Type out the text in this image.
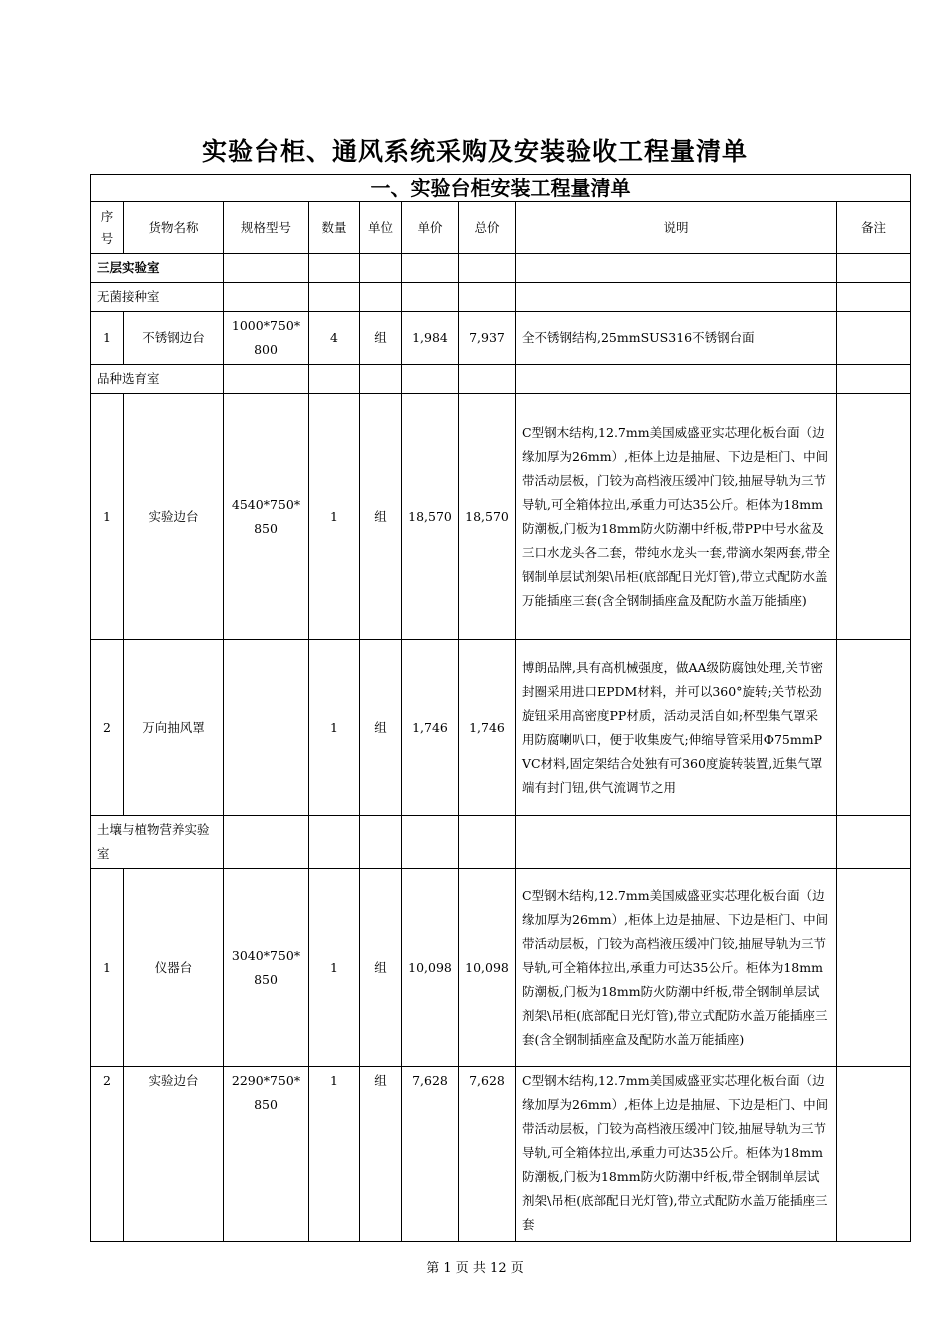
实验台柜、通风系统采购及安装验收工程量清单
一、实验台柜安装工程量清单								
序号	货物名称	规格型号	数量	单位	单价	总价	说明	备注
三层实验室								
无菌接种室								
1	不锈钢边台	1000*750*800	4	组	1,984	7,937	全不锈钢结构,25mmSUS316不锈钢台面	
品种选育室								
1	实验边台	4540*750*850	1	组	18,570	18,570	C型钢木结构,12.7mm美国威盛亚实芯理化板台面（边缘加厚为26mm）,柜体上边是抽屉、下边是柜门、中间带活动层板，门铰为高档液压缓冲门铰,抽屉导轨为三节导轨,可全箱体拉出,承重力可达35公斤。柜体为18mm防潮板,门板为18mm防火防潮中纤板,带PP中号水盆及三口水龙头各二套，带纯水龙头一套,带滴水架两套,带全钢制单层试剂架\吊柜(底部配日光灯管),带立式配防水盖万能插座三套(含全钢制插座盒及配防水盖万能插座)	
2	万向抽风罩		1	组	1,746	1,746	博朗品牌,具有高机械强度，做AA级防腐蚀处理,关节密封圈采用进口EPDM材料，并可以360°旋转;关节松劲旋钮采用高密度PP材质，活动灵活自如;杯型集气罩采用防腐喇叭口，便于收集废气;伸缩导管采用Φ75mmPVC材料,固定架结合处独有可360度旋转装置,近集气罩端有封门钮,供气流调节之用	
土壤与植物营养实验室								
1	仪器台	3040*750*850	1	组	10,098	10,098	C型钢木结构,12.7mm美国威盛亚实芯理化板台面（边缘加厚为26mm）,柜体上边是抽屉、下边是柜门、中间带活动层板，门铰为高档液压缓冲门铰,抽屉导轨为三节导轨,可全箱体拉出,承重力可达35公斤。柜体为18mm防潮板,门板为18mm防火防潮中纤板,带全钢制单层试剂架\吊柜(底部配日光灯管),带立式配防水盖万能插座三套(含全钢制插座盒及配防水盖万能插座)	
2	实验边台	2290*750*850	1	组	7,628	7,628	C型钢木结构,12.7mm美国威盛亚实芯理化板台面（边缘加厚为26mm）,柜体上边是抽屉、下边是柜门、中间带活动层板，门铰为高档液压缓冲门铰,抽屉导轨为三节导轨,可全箱体拉出,承重力可达35公斤。柜体为18mm防潮板,门板为18mm防火防潮中纤板,带全钢制单层试剂架\吊柜(底部配日光灯管),带立式配防水盖万能插座三套	
第 1 页 共 12 页
